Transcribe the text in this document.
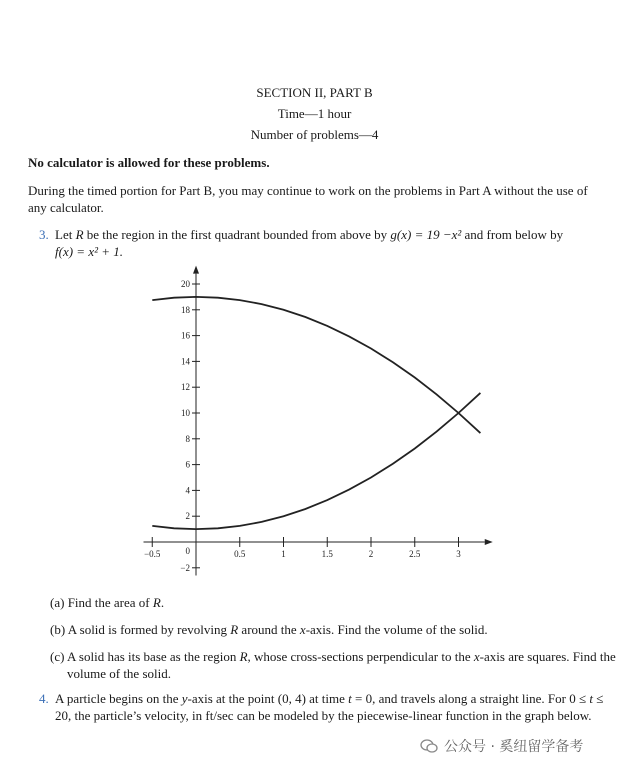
SECTION II, PART B
Time—1 hour
Number of problems—4
No calculator is allowed for these problems.
During the timed portion for Part B, you may continue to work on the problems in Part A without the use of any calculator.
3. Let R be the region in the first quadrant bounded from above by g(x) = 19 −x² and from below by
f(x) = x² + 1.
−0.5	0.5	1	1.5	2	2.5	3
20
18
16
14
12
10
8
6
4
2
−2
0
(a) Find the area of R.
(b) A solid is formed by revolving R around the x-axis. Find the volume of the solid.
(c) A solid has its base as the region R, whose cross-sections perpendicular to the x-axis are squares. Find the volume of the solid.
4. A particle begins on the y-axis at the point (0, 4) at time t = 0, and travels along a straight line. For 0 ≤ t ≤ 20, the particle’s velocity, in ft/sec can be modeled by the piecewise-linear function in the graph below.
公众号 · 奚纽留学备考
